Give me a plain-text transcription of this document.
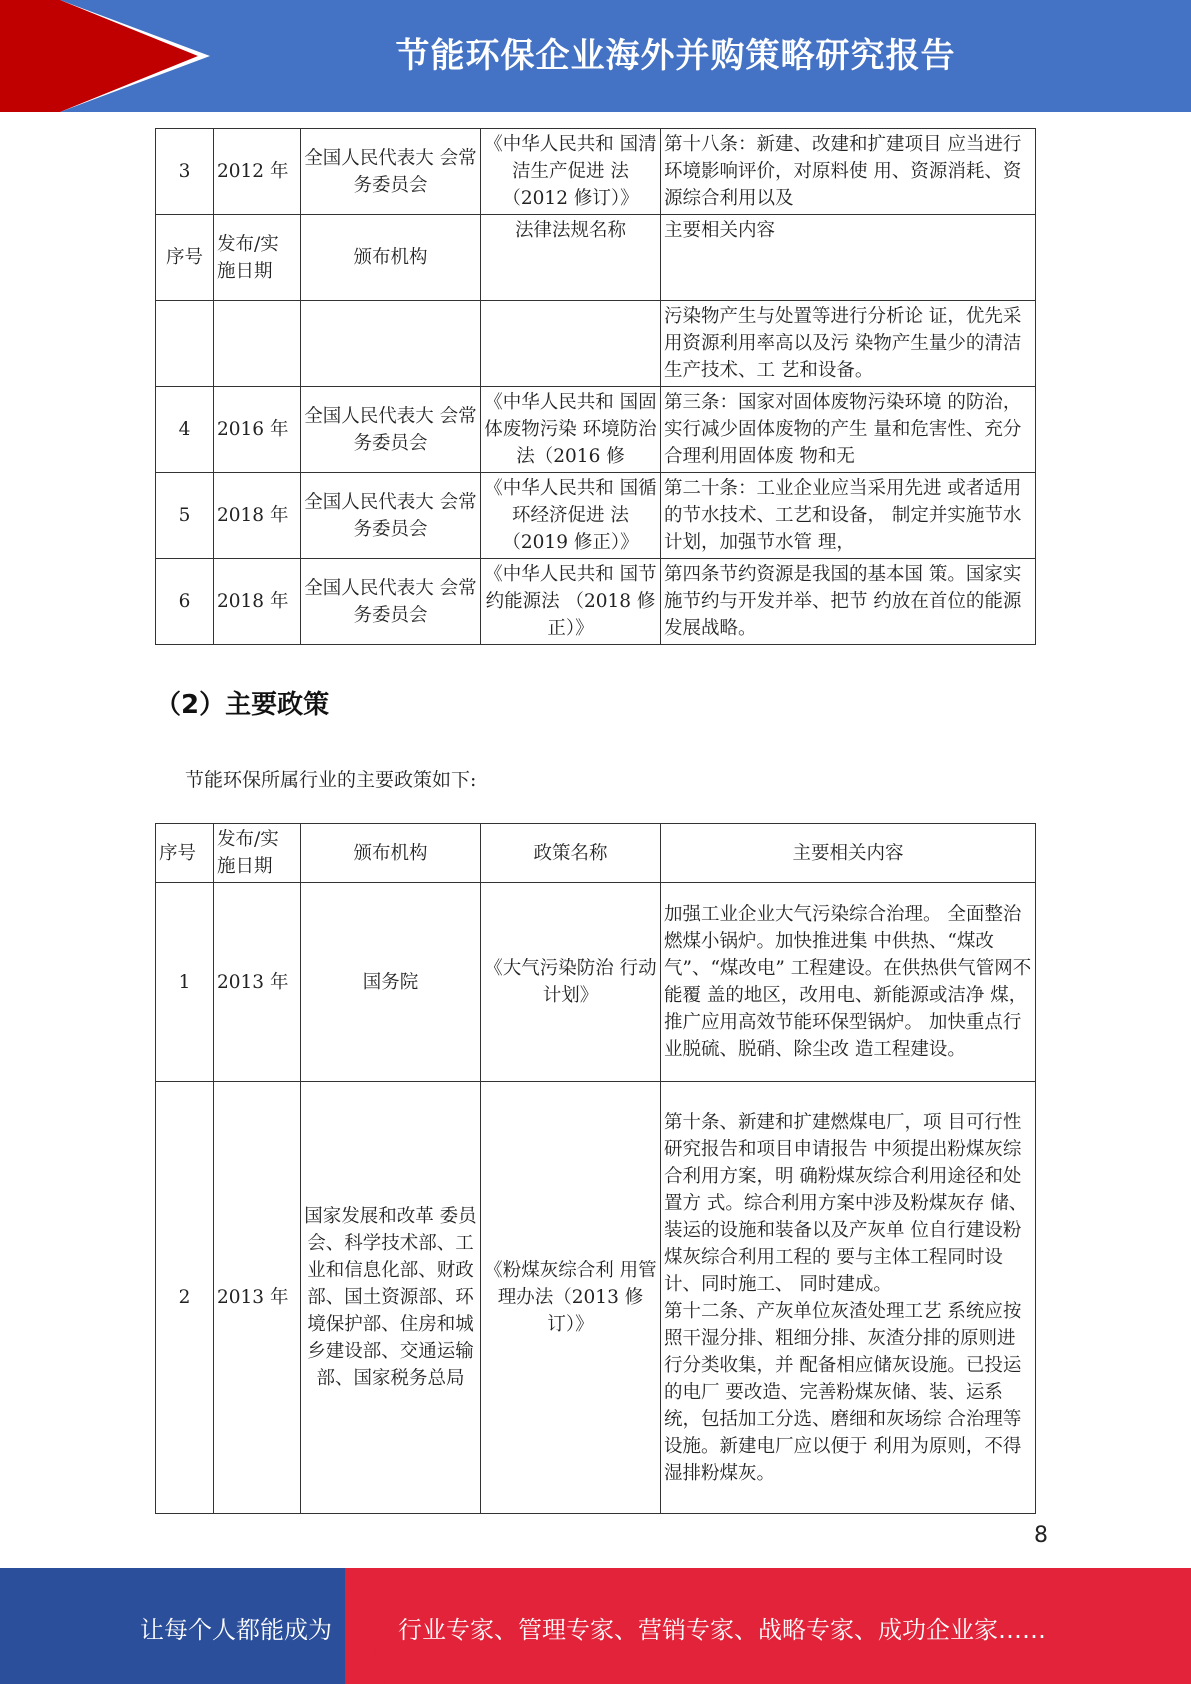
节能环保企业海外并购策略研究报告
3	2012 年	全国人民代表大 会常务委员会	《中华人民共和 国清洁生产促进 法（2012 修订）》	第十八条：新建、改建和扩建项目 应当进行环境影响评价，对原料使 用、资源消耗、资源综合利用以及
序号	发布/实施日期	颁布机构	法律法规名称	主要相关内容
				污染物产生与处置等进行分析论 证，优先采用资源利用率高以及污 染物产生量少的清洁生产技术、工 艺和设备。
4	2016 年	全国人民代表大 会常务委员会	《中华人民共和 国固体废物污染 环境防治法（2016 修	第三条：国家对固体废物污染环境 的防治，实行减少固体废物的产生 量和危害性、充分合理利用固体废 物和无
5	2018 年	全国人民代表大 会常务委员会	《中华人民共和 国循环经济促进 法（2019 修正）》	第二十条：工业企业应当采用先进 或者适用的节水技术、工艺和设备， 制定并实施节水计划，加强节水管 理，
6	2018 年	全国人民代表大 会常务委员会	《中华人民共和 国节约能源法 （2018 修正）》	第四条节约资源是我国的基本国 策。国家实施节约与开发并举、把节 约放在首位的能源发展战略。
（2）主要政策
节能环保所属行业的主要政策如下:
序号	发布/实施日期	颁布机构	政策名称	主要相关内容
1	2013 年	国务院	《大气污染防治 行动计划》	加强工业企业大气污染综合治理。 全面整治燃煤小锅炉。加快推进集 中供热、“煤改气”、“煤改电” 工程建设。在供热供气管网不能覆 盖的地区，改用电、新能源或洁净 煤，推广应用高效节能环保型锅炉。 加快重点行业脱硫、脱硝、除尘改 造工程建设。
2	2013 年	国家发展和改革 委员会、科学技术部、工业和信息化部、财政部、国土资源部、环境保护部、住房和城乡建设部、交通运输部、国家税务总局	《粉煤灰综合利 用管理办法（2013 修订）》	第十条、新建和扩建燃煤电厂，项 目可行性研究报告和项目申请报告 中须提出粉煤灰综合利用方案，明 确粉煤灰综合利用途径和处置方 式。综合利用方案中涉及粉煤灰存 储、装运的设施和装备以及产灰单 位自行建设粉煤灰综合利用工程的 要与主体工程同时设计、同时施工、 同时建成。
第十二条、产灰单位灰渣处理工艺 系统应按照干湿分排、粗细分排、灰渣分排的原则进行分类收集，并 配备相应储灰设施。已投运的电厂 要改造、完善粉煤灰储、装、运系 统，包括加工分选、磨细和灰场综 合治理等设施。新建电厂应以便于 利用为原则，不得湿排粉煤灰。
8
让每个人都能成为	行业专家、管理专家、营销专家、战略专家、成功企业家……
